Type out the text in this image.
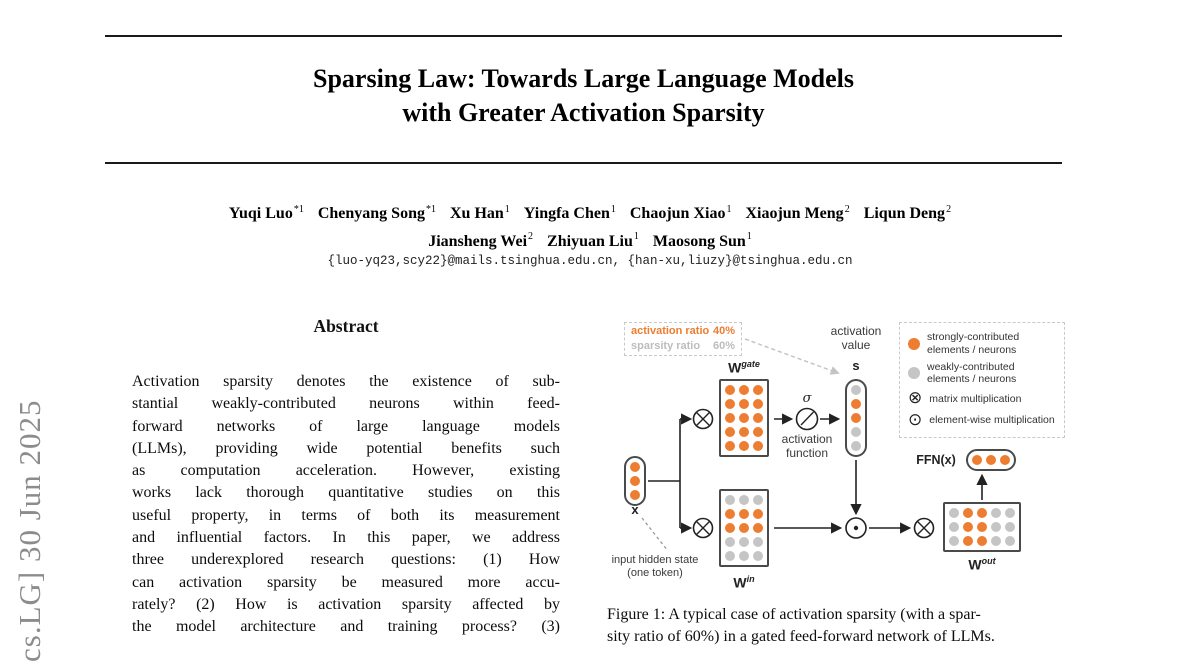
cs.LG] 30 Jun 2025
Sparsing Law: Towards Large Language Models
with Greater Activation Sparsity
Yuqi Luo$^{*1}$ Chenyang Song$^{*1}$ Xu Han$^1$ Yingfa Chen$^1$ Chaojun Xiao$^1$ Xiaojun Meng$^2$ Liqun Deng$^2$
Jiansheng Wei$^2$ Zhiyuan Liu$^1$ Maosong Sun$^1$
{luo-yq23,scy22}@mails.tsinghua.edu.cn, {han-xu,liuzy}@tsinghua.edu.cn
Abstract
Activation sparsity denotes the existence of sub-
stantial weakly-contributed neurons within feed-
forward networks of large language models
(LLMs), providing wide potential benefits such
as computation acceleration. However, existing
works lack thorough quantitative studies on this
useful property, in terms of both its measurement
and influential factors. In this paper, we address
three underexplored research questions: (1) How
can activation sparsity be measured more accu-
rately? (2) How is activation sparsity affected by
the model architecture and training process? (3)
activation ratio 40%
sparsity ratio 60%
activation
value
s
$W^{gate}$
σ
activation
function
x
input hidden state
(one token)
$W^{in}$
$W^{out}$
FFN(x)
strongly-contributed
elements / neurons
weakly-contributed
elements / neurons
⊗
matrix multiplication
⊙
element-wise multiplication
Figure 1: A typical case of activation sparsity (with a spar-
sity ratio of 60%) in a gated feed-forward network of LLMs.
